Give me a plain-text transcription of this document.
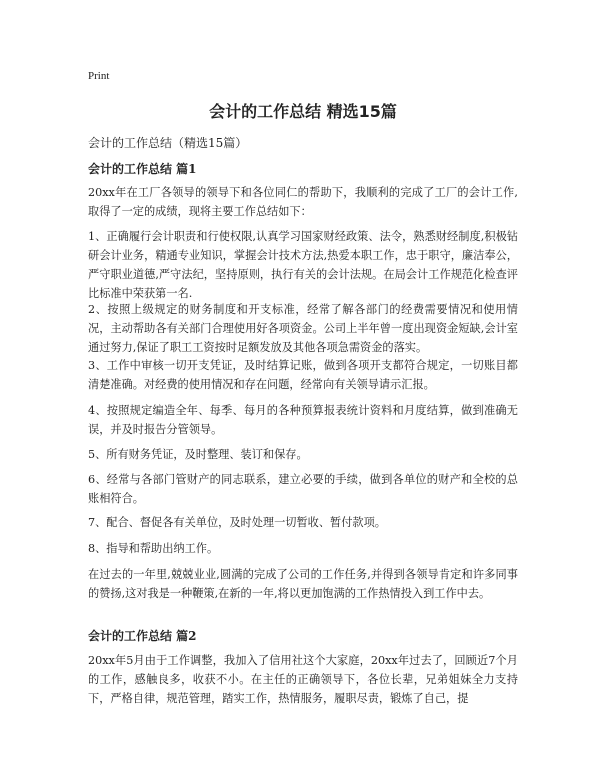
Print
会计的工作总结 精选15篇
会计的工作总结（精选15篇）
会计的工作总结 篇1
20xx年在工厂各领导的领导下和各位同仁的帮助下，我顺利的完成了工厂的会计工作,取得了一定的成绩，现将主要工作总结如下：
1、正确履行会计职责和行使权限,认真学习国家财经政策、法令，熟悉财经制度,积极钻研会计业务，精通专业知识，掌握会计技术方法,热爱本职工作，忠于职守，廉洁奉公，严守职业道德,严守法纪，坚持原则，执行有关的会计法规。在局会计工作规范化检查评比标准中荣获第一名.
2、按照上级规定的财务制度和开支标准，经常了解各部门的经费需要情况和使用情况，主动帮助各有关部门合理使用好各项资金。公司上半年曾一度出现资金短缺,会计室通过努力,保证了职工工资按时足额发放及其他各项急需资金的落实。
3、工作中审核一切开支凭证，及时结算记账，做到各项开支都符合规定，一切账目都清楚准确。对经费的使用情况和存在问题，经常向有关领导请示汇报。
4、按照规定编造全年、每季、每月的各种预算报表统计资料和月度结算，做到准确无误，并及时报告分管领导。
5、所有财务凭证，及时整理、装订和保存。
6、经常与各部门管财产的同志联系，建立必要的手续，做到各单位的财产和全校的总账相符合。
7、配合、督促各有关单位，及时处理一切暂收、暂付款项。
8、指导和帮助出纳工作。
在过去的一年里,兢兢业业,圆满的完成了公司的工作任务,并得到各领导肯定和许多同事的赞扬,这对我是一种鞭策,在新的一年,将以更加饱满的工作热情投入到工作中去。
会计的工作总结 篇2
20xx年5月由于工作调整，我加入了信用社这个大家庭，20xx年过去了，回顾近7个月的工作，感触良多，收获不小。在主任的正确领导下，各位长辈，兄弟姐妹全力支持下，严格自律，规范管理，踏实工作，热情服务，履职尽责，锻炼了自己，提
